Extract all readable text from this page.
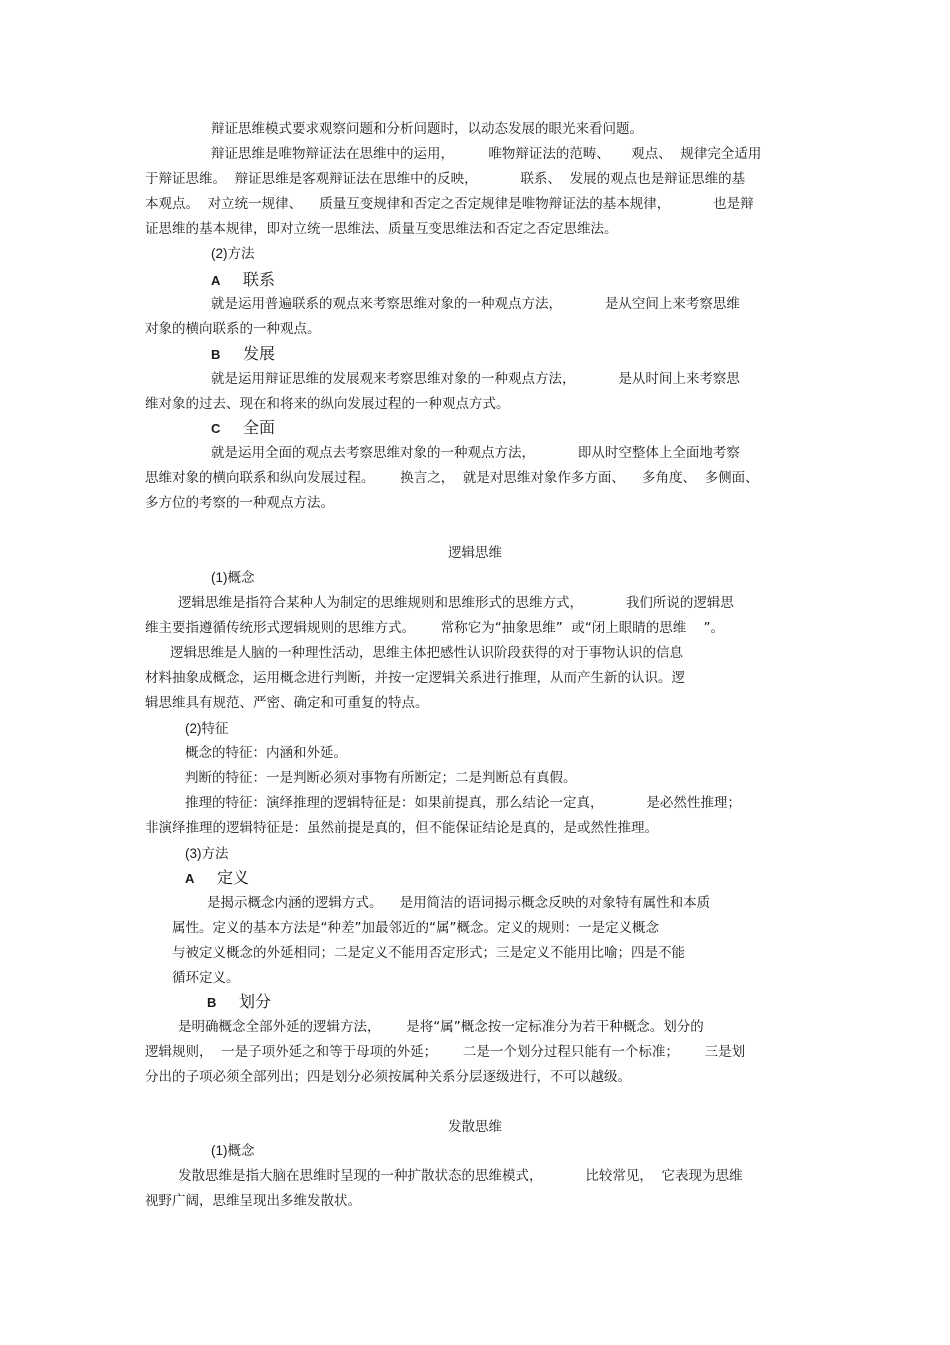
辩证思维模式要求观察问题和分析问题时，以动态发展的眼光来看问题。
辩证思维是唯物辩证法在思维中的运用，        唯物辩证法的范畴、     观点、  规律完全适用
于辩证思维。  辩证思维是客观辩证法在思维中的反映，          联系、  发展的观点也是辩证思维的基
本观点。  对立统一规律、    质量互变规律和否定之否定规律是唯物辩证法的基本规律，          也是辩
证思维的基本规律，即对立统一思维法、质量互变思维法和否定之否定思维法。
(2)方法
A 联系
就是运用普遍联系的观点来考察思维对象的一种观点方法，          是从空间上来考察思维
对象的横向联系的一种观点。
B 发展
就是运用辩证思维的发展观来考察思维对象的一种观点方法，          是从时间上来考察思
维对象的过去、现在和将来的纵向发展过程的一种观点方式。
C 全面
就是运用全面的观点去考察思维对象的一种观点方法，          即从时空整体上全面地考察
思维对象的横向联系和纵向发展过程。      换言之，  就是对思维对象作多方面、    多角度、  多侧面、
多方位的考察的一种观点方法。
逻辑思维
(1)概念
逻辑思维是指符合某种人为制定的思维规则和思维形式的思维方式，          我们所说的逻辑思
维主要指遵循传统形式逻辑规则的思维方式。      常称它为“抽象思维”  或“闭上眼睛的思维    ”。
逻辑思维是人脑的一种理性活动，思维主体把感性认识阶段获得的对于事物认识的信息
材料抽象成概念，运用概念进行判断，并按一定逻辑关系进行推理，从而产生新的认识。逻
辑思维具有规范、严密、确定和可重复的特点。
(2)特征
概念的特征：内涵和外延。
判断的特征：一是判断必须对事物有所断定；二是判断总有真假。
推理的特征：演绎推理的逻辑特征是：如果前提真，那么结论一定真，          是必然性推理；
非演绎推理的逻辑特征是：虽然前提是真的，但不能保证结论是真的，是或然性推理。
(3)方法
A 定义
是揭示概念内涵的逻辑方式。    是用简洁的语词揭示概念反映的对象特有属性和本质
属性。定义的基本方法是“种差”加最邻近的“属”概念。定义的规则：一是定义概念
与被定义概念的外延相同；二是定义不能用否定形式；三是定义不能用比喻；四是不能
循环定义。
B 划分
是明确概念全部外延的逻辑方法，      是将“属”概念按一定标准分为若干种概念。划分的
逻辑规则，  一是子项外延之和等于母项的外延；      二是一个划分过程只能有一个标准；      三是划
分出的子项必须全部列出；四是划分必须按属种关系分层逐级进行，不可以越级。
发散思维
(1)概念
发散思维是指大脑在思维时呈现的一种扩散状态的思维模式，          比较常见，  它表现为思维
视野广阔，思维呈现出多维发散状。
